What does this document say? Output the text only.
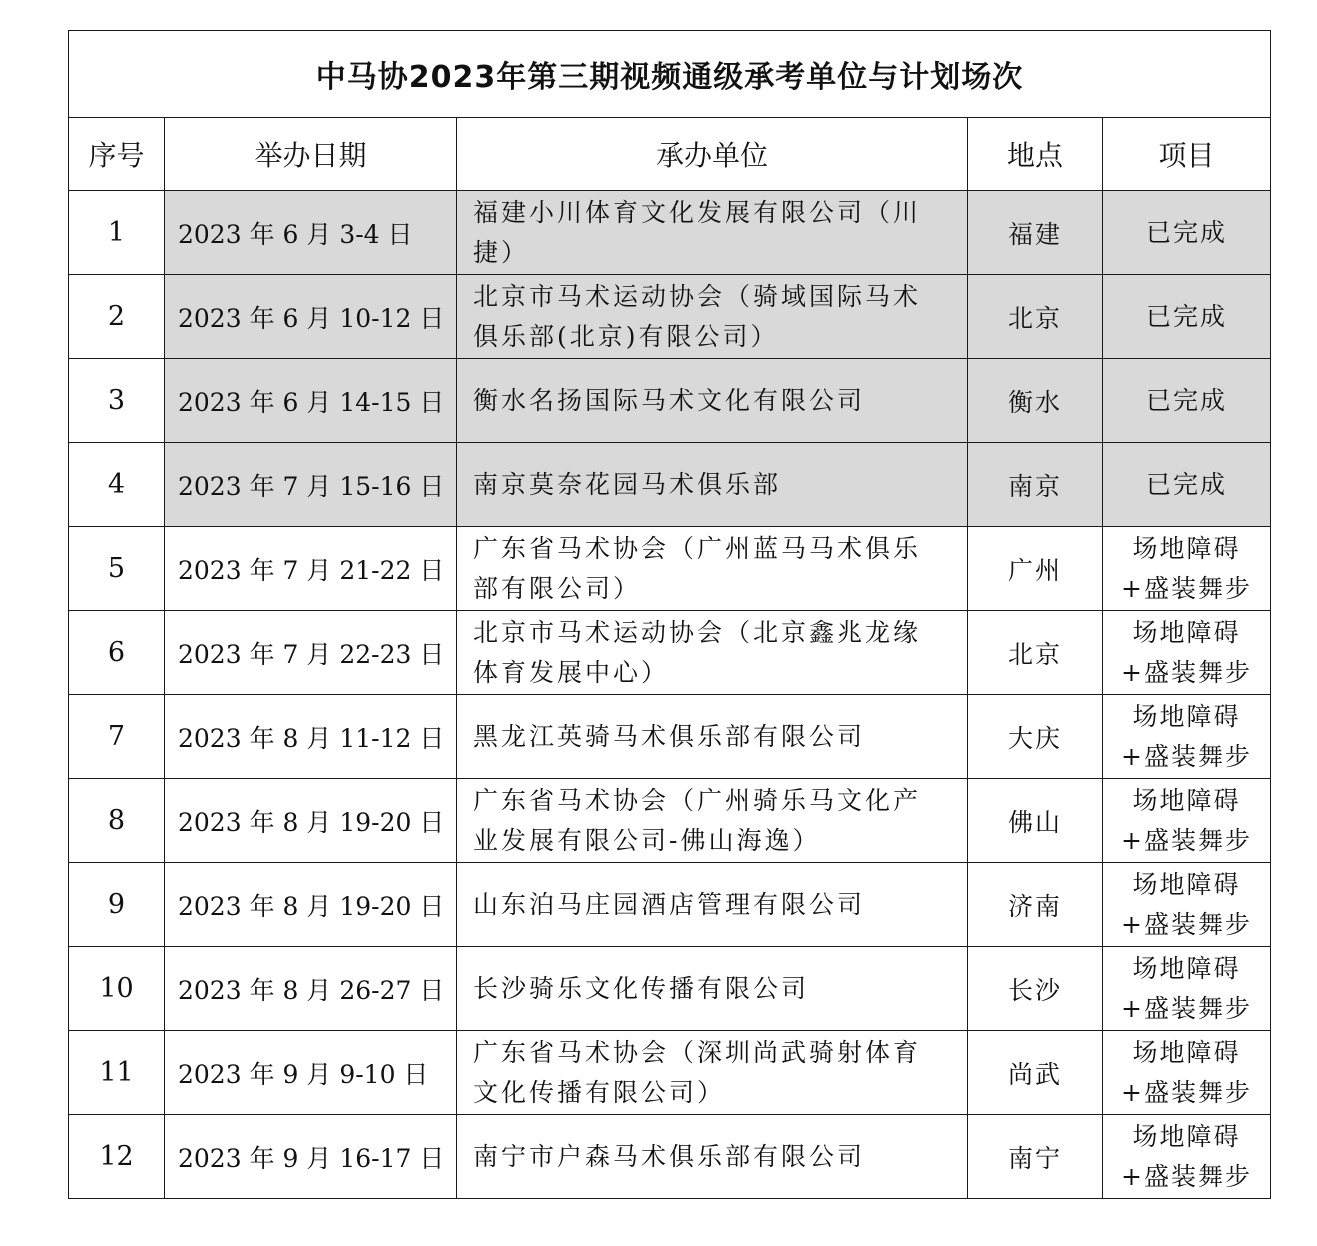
中马协2023年第三期视频通级承考单位与计划场次				
序号	举办日期	承办单位	地点	项目
1	2023 年 6 月 3-4 日	福建小川体育文化发展有限公司（川捷）	福建	已完成
2	2023 年 6 月 10-12 日	北京市马术运动协会（骑域国际马术俱乐部(北京)有限公司）	北京	已完成
3	2023 年 6 月 14-15 日	衡水名扬国际马术文化有限公司	衡水	已完成
4	2023 年 7 月 15-16 日	南京莫奈花园马术俱乐部	南京	已完成
5	2023 年 7 月 21-22 日	广东省马术协会（广州蓝马马术俱乐部有限公司）	广州	场地障碍+盛装舞步
6	2023 年 7 月 22-23 日	北京市马术运动协会（北京鑫兆龙缘体育发展中心）	北京	场地障碍+盛装舞步
7	2023 年 8 月 11-12 日	黑龙江英骑马术俱乐部有限公司	大庆	场地障碍+盛装舞步
8	2023 年 8 月 19-20 日	广东省马术协会（广州骑乐马文化产业发展有限公司-佛山海逸）	佛山	场地障碍+盛装舞步
9	2023 年 8 月 19-20 日	山东泊马庄园酒店管理有限公司	济南	场地障碍+盛装舞步
10	2023 年 8 月 26-27 日	长沙骑乐文化传播有限公司	长沙	场地障碍+盛装舞步
11	2023 年 9 月 9-10 日	广东省马术协会（深圳尚武骑射体育文化传播有限公司）	尚武	场地障碍+盛装舞步
12	2023 年 9 月 16-17 日	南宁市户森马术俱乐部有限公司	南宁	场地障碍+盛装舞步
